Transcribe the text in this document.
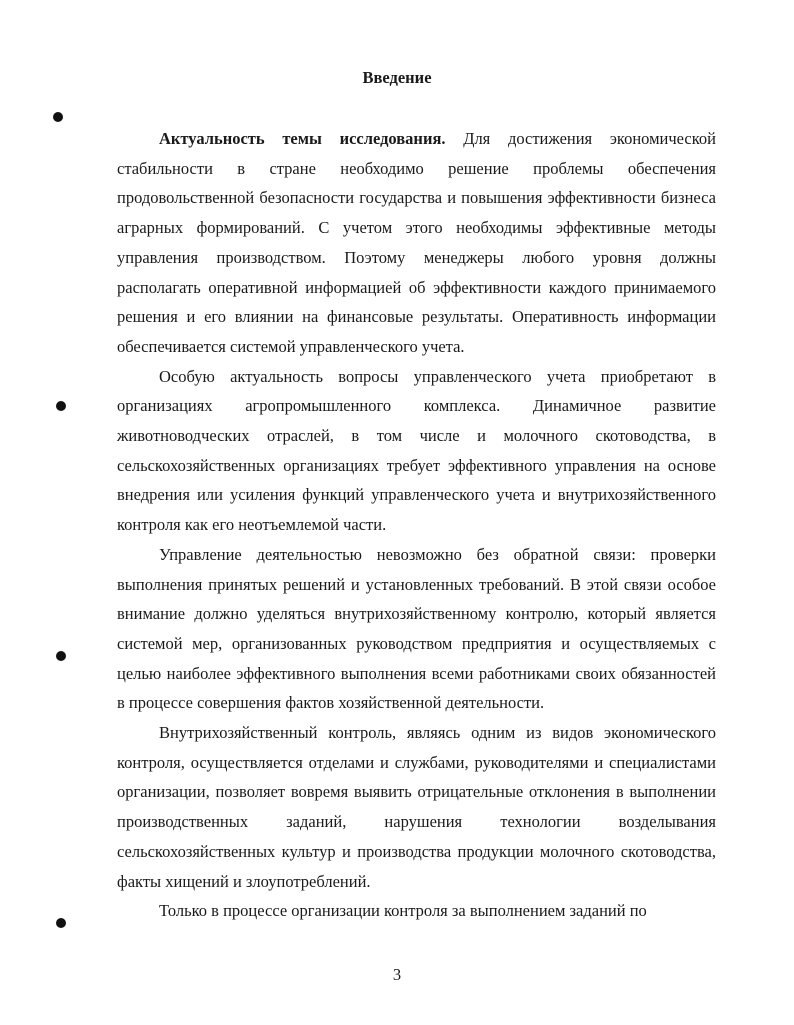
Введение

Актуальность темы исследования. Для достижения экономической стабильности в стране необходимо решение проблемы обеспечения продовольственной безопасности государства и повышения эффективности бизнеса аграрных формирований. С учетом этого необходимы эффективные методы управления производством. Поэтому менеджеры любого уровня должны располагать оперативной информацией об эффективности каждого принимаемого решения и его влиянии на финансовые результаты. Оперативность информации обеспечивается системой управленческого учета.

Особую актуальность вопросы управленческого учета приобретают в организациях агропромышленного комплекса. Динамичное развитие животноводческих отраслей, в том числе и молочного скотоводства, в сельскохозяйственных организациях требует эффективного управления на основе внедрения или усиления функций управленческого учета и внутрихозяйственного контроля как его неотъемлемой части.

Управление деятельностью невозможно без обратной связи: проверки выполнения принятых решений и установленных требований. В этой связи особое внимание должно уделяться внутрихозяйственному контролю, который является системой мер, организованных руководством предприятия и осуществляемых с целью наиболее эффективного выполнения всеми работниками своих обязанностей в процессе совершения фактов хозяйственной деятельности.

Внутрихозяйственный контроль, являясь одним из видов экономического контроля, осуществляется отделами и службами, руководителями и специалистами организации, позволяет вовремя выявить отрицательные отклонения в выполнении производственных заданий, нарушения технологии возделывания сельскохозяйственных культур и производства продукции молочного скотоводства, факты хищений и злоупотреблений.

Только в процессе организации контроля за выполнением заданий по

3
